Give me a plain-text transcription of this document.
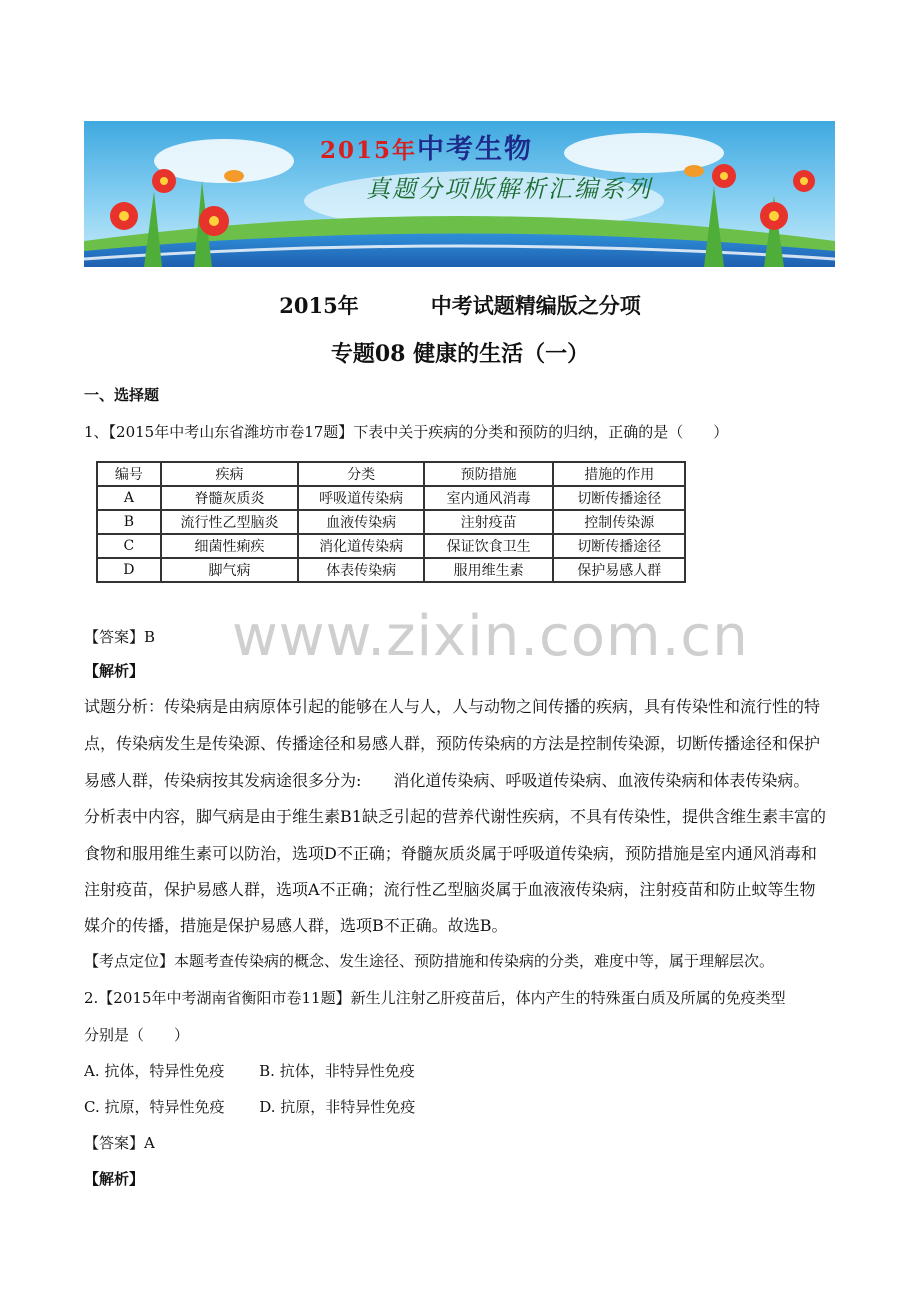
2015年中考生物
真题分项版解析汇编系列
2015年	中考试题精编版之分项
专题08 健康的生活（一）
一、选择题
1、【2015年中考山东省潍坊市卷17题】下表中关于疾病的分类和预防的归纳，正确的是（　　）
编号	疾病	分类	预防措施	措施的作用
A	脊髓灰质炎	呼吸道传染病	室内通风消毒	切断传播途径
B	流行性乙型脑炎	血液传染病	注射疫苗	控制传染源
C	细菌性痢疾	消化道传染病	保证饮食卫生	切断传播途径
D	脚气病	体表传染病	服用维生素	保护易感人群
www.zixin.com.cn
【答案】B
【解析】
试题分析：传染病是由病原体引起的能够在人与人，人与动物之间传播的疾病，具有传染性和流行性的特
点，传染病发生是传染源、传播途径和易感人群，预防传染病的方法是控制传染源，切断传播途径和保护
易感人群，传染病按其发病途很多分为:　　消化道传染病、呼吸道传染病、血液传染病和体表传染病。
分析表中内容，脚气病是由于维生素B1缺乏引起的营养代谢性疾病，不具有传染性，提供含维生素丰富的
食物和服用维生素可以防治，选项D不正确；脊髓灰质炎属于呼吸道传染病，预防措施是室内通风消毒和
注射疫苗，保护易感人群，选项A不正确；流行性乙型脑炎属于血液液传染病，注射疫苗和防止蚊等生物
媒介的传播，措施是保护易感人群，选项B不正确。故选B。
【考点定位】本题考查传染病的概念、发生途径、预防措施和传染病的分类，难度中等，属于理解层次。
2.【2015年中考湖南省衡阳市卷11题】新生儿注射乙肝疫苗后，体内产生的特殊蛋白质及所属的免疫类型
分别是（　　）
A. 抗体，特异性免疫　　 B. 抗体，非特异性免疫
C. 抗原，特异性免疫　　 D. 抗原，非特异性免疫
【答案】A
【解析】
